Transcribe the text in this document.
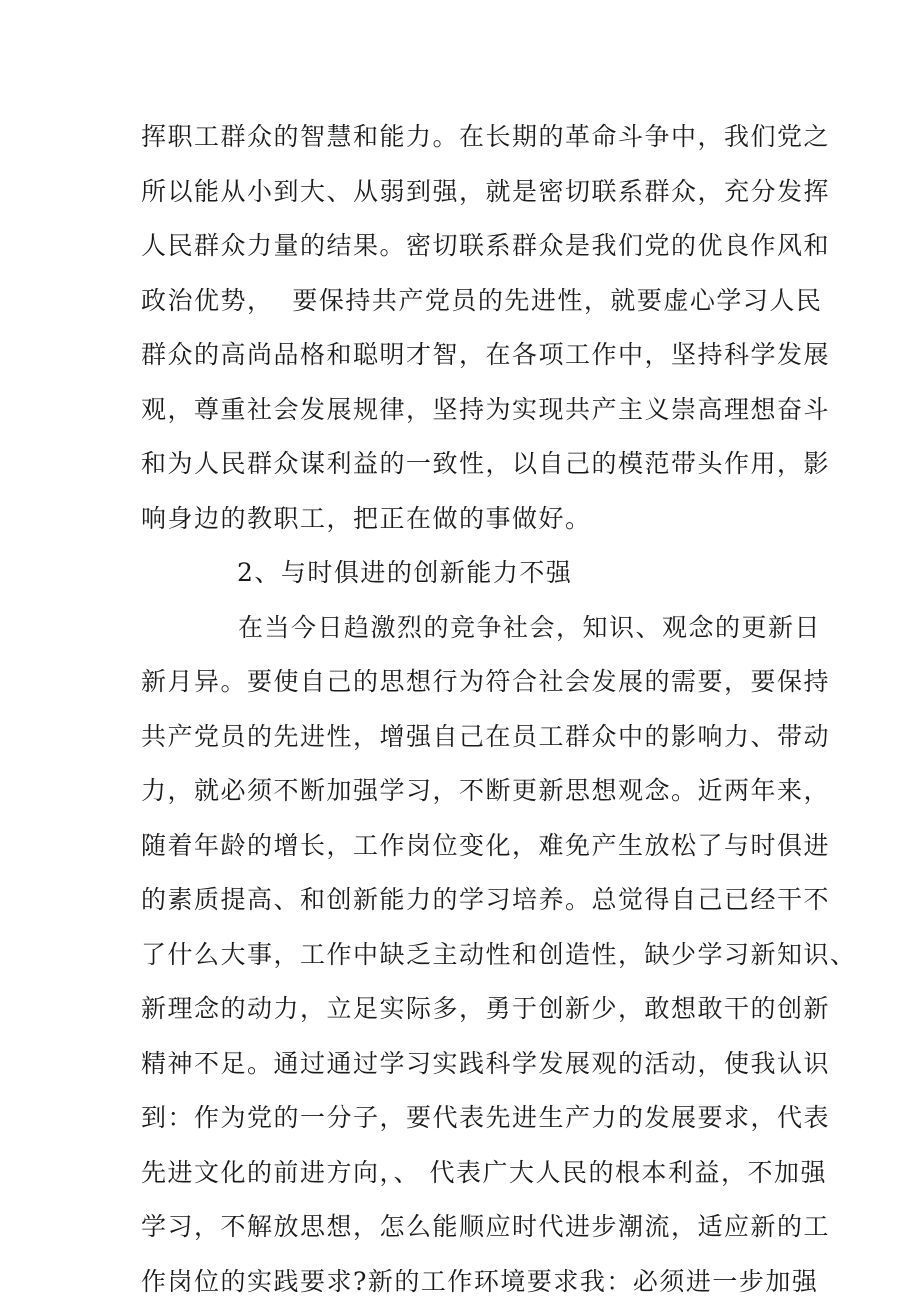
挥职工群众的智慧和能力。在长期的革命斗争中，我们党之
所以能从小到大、从弱到强，就是密切联系群众，充分发挥
人民群众力量的结果。密切联系群众是我们党的优良作风和
政治优势，  要保持共产党员的先进性，就要虚心学习人民
群众的高尚品格和聪明才智，在各项工作中，坚持科学发展
观，尊重社会发展规律，坚持为实现共产主义崇高理想奋斗
和为人民群众谋利益的一致性，以自己的模范带头作用，影
响身边的教职工，把正在做的事做好。
2、与时俱进的创新能力不强
在当今日趋激烈的竞争社会，知识、观念的更新日
新月异。要使自己的思想行为符合社会发展的需要，要保持
共产党员的先进性，增强自己在员工群众中的影响力、带动
力，就必须不断加强学习，不断更新思想观念。近两年来，
随着年龄的增长，工作岗位变化，难免产生放松了与时俱进
的素质提高、和创新能力的学习培养。总觉得自己已经干不
了什么大事，工作中缺乏主动性和创造性，缺少学习新知识、
新理念的动力，立足实际多，勇于创新少，敢想敢干的创新
精神不足。通过通过学习实践科学发展观的活动，使我认识
到：作为党的一分子，要代表先进生产力的发展要求，代表
先进文化的前进方向，、 代表广大人民的根本利益，不加强
学习，不解放思想，怎么能顺应时代进步潮流，适应新的工
作岗位的实践要求?新的工作环境要求我：必须进一步加强
